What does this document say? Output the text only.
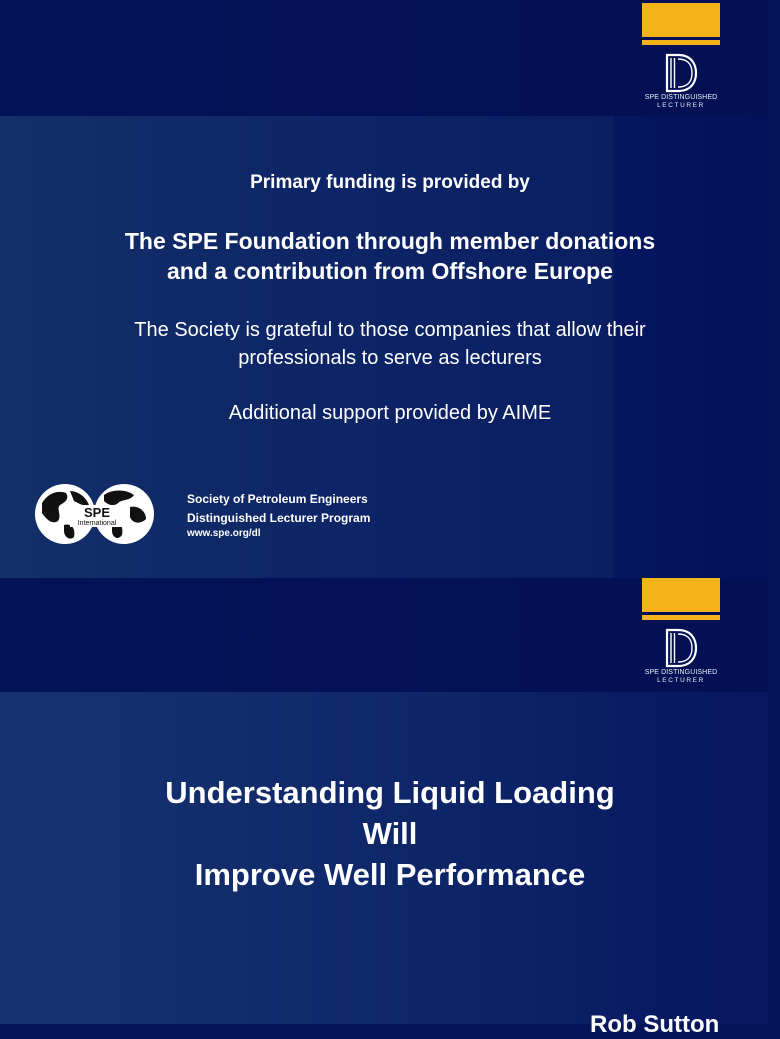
SPE DISTINGUISHED
LECTURER
Primary funding is provided by
The SPE Foundation through member donations
and a contribution from Offshore Europe
The Society is grateful to those companies that allow their
professionals to serve as lecturers
Additional support provided by AIME
SPE
International
Society of Petroleum Engineers
Distinguished Lecturer Program
www.spe.org/dl
SPE DISTINGUISHED
LECTURER
Understanding Liquid Loading
Will
Improve Well Performance
Rob Sutton
